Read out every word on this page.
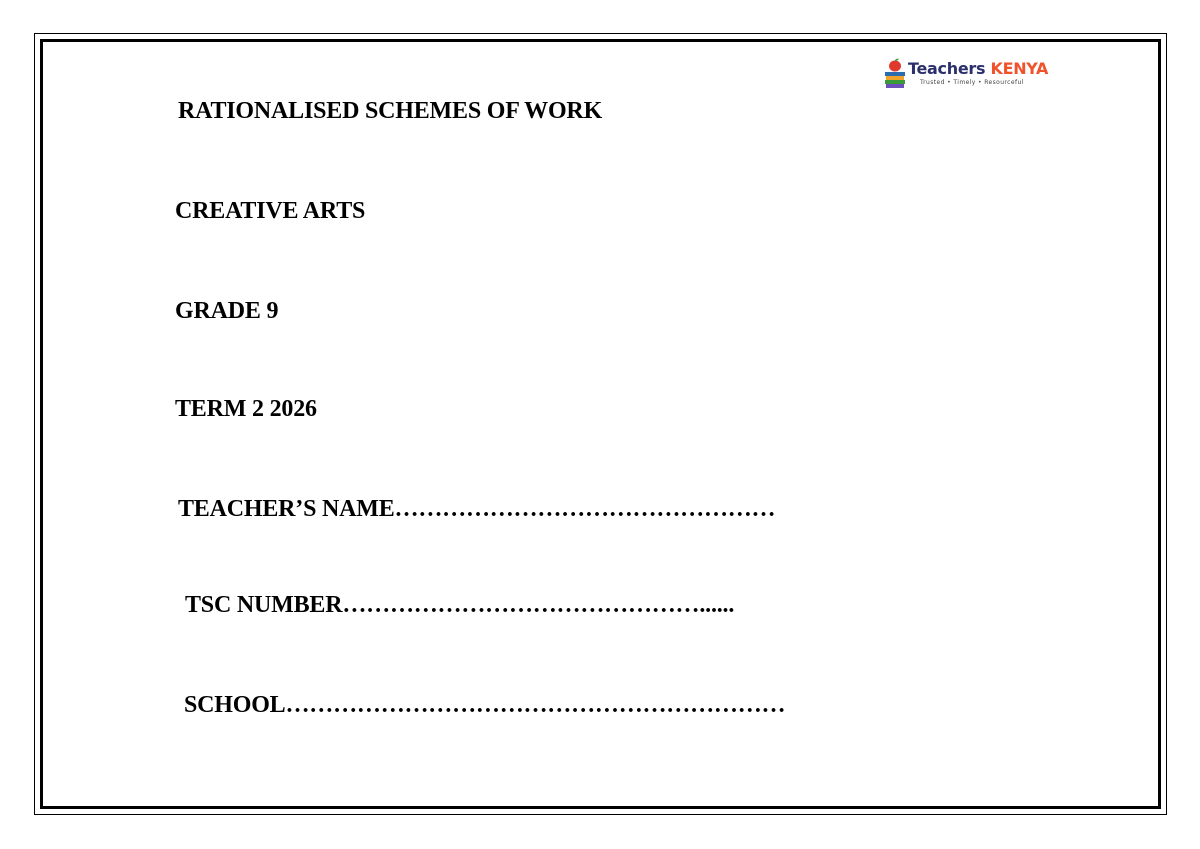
Teachers KENYA
Trusted • Timely • Resourceful
RATIONALISED SCHEMES OF WORK
CREATIVE ARTS
GRADE 9
TERM 2 2026
TEACHER’S NAME…………………………………………
TSC NUMBER………………………………………......
SCHOOL………………………………………………………
